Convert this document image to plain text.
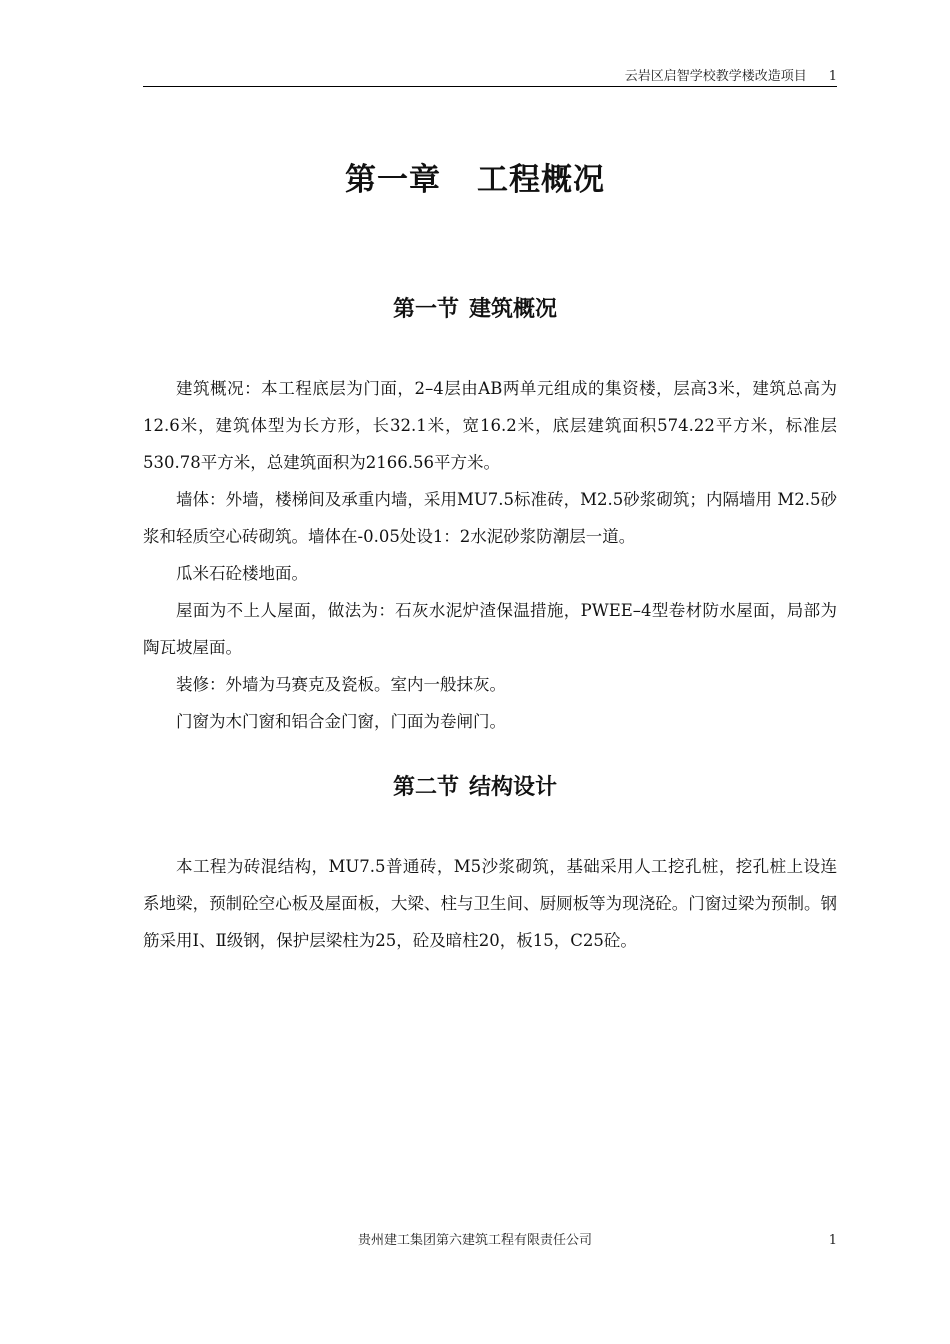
云岩区启智学校教学楼改造项目 1
第一章 工程概况
第一节 建筑概况

建筑概况：本工程底层为门面，2–4层由AB两单元组成的集资楼，层高3米，建筑总高为12.6米，建筑体型为长方形，长32.1米，宽16.2米，底层建筑面积574.22平方米，标准层530.78平方米，总建筑面积为2166.56平方米。

墙体：外墙，楼梯间及承重内墙，采用MU7.5标准砖，M2.5砂浆砌筑；内隔墙用 M2.5砂浆和轻质空心砖砌筑。墙体在-0.05处设1：2水泥砂浆防潮层一道。

瓜米石砼楼地面。

屋面为不上人屋面，做法为：石灰水泥炉渣保温措施，PWEE–4型卷材防水屋面，局部为陶瓦坡屋面。

装修：外墙为马赛克及瓷板。室内一般抹灰。

门窗为木门窗和铝合金门窗，门面为卷闸门。

第二节 结构设计

本工程为砖混结构，MU7.5普通砖，M5沙浆砌筑，基础采用人工挖孔桩，挖孔桩上设连系地梁，预制砼空心板及屋面板，大梁、柱与卫生间、厨厕板等为现浇砼。门窗过梁为预制。钢筋采用I、Ⅱ级钢，保护层梁柱为25，砼及暗柱20，板15，C25砼。

贵州建工集团第六建筑工程有限责任公司	1
